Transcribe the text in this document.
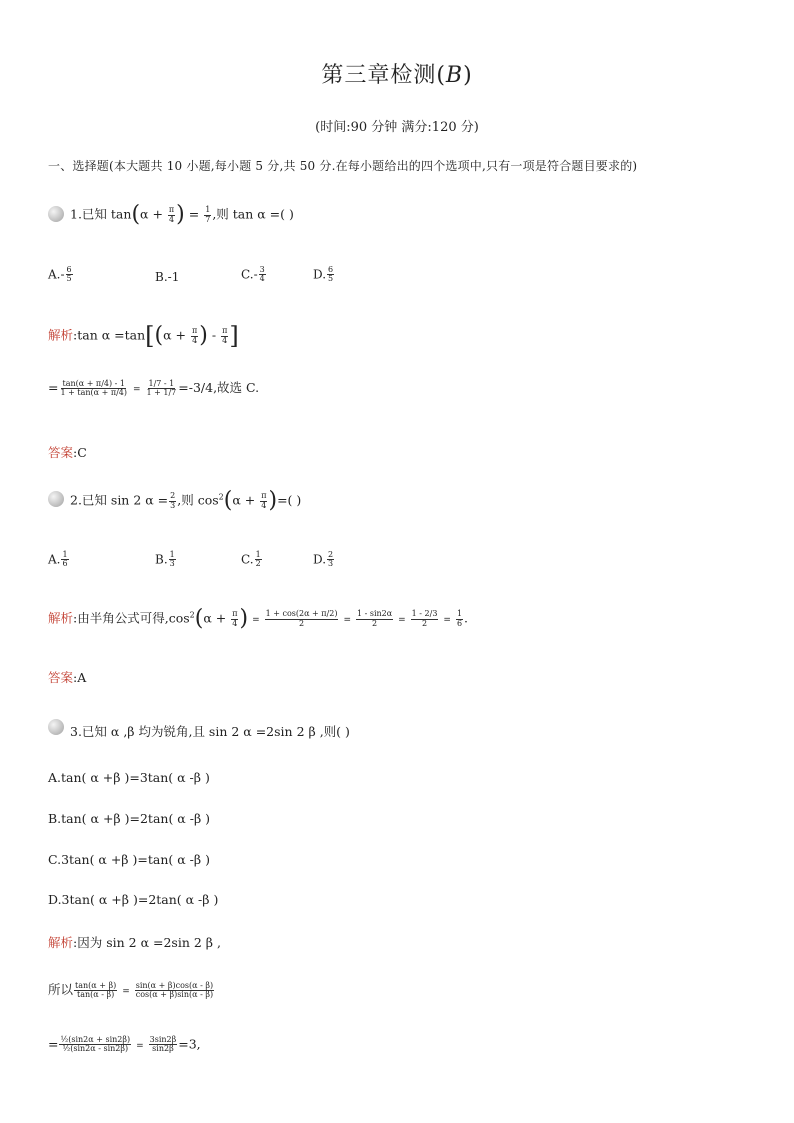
第三章检测(B)
(时间:90 分钟 满分:120 分)
一、选择题(本大题共 10 小题,每小题 5 分,共 50 分.在每小题给出的四个选项中,只有一项是符合题目要求的)
1.已知 $\tan(\alpha + \frac{\pi}{4}$ ) = $\frac{1}{7}$ ,则 tan α =( )
$A.- \frac{6}{5}$	B.-1	$C.- \frac{3}{4}$	D. $\frac{6}{5}$
解析:tan $\alpha =\tan[(\alpha + \frac{\pi}{4}$ ) - $\frac{\pi}{4}$ ]
= $\frac{\tan(\alpha + \pi/4) - 1}{1 + \tan(\alpha + \pi/4)} = \frac{1/7 - 1}{1 + 1/7} =-3/4$,故选 C.
答案:C
2.已知 sin 2 $\alpha = \frac{2}{3}$ ,则 $\cos^2(\alpha + \frac{\pi}{4}$ )=( )
A. $\frac{1}{6}$	B. $\frac{1}{3}$	C. $\frac{1}{2}$	D. $\frac{2}{3}$
解析:由半角公式可得$,\cos^2(\alpha + \frac{\pi}{4}$ ) = $\frac{1 + \cos(2\alpha + \pi/2)}{2} = \frac{1 - \sin 2\alpha}{2} = \frac{1 - 2/3}{2} = \frac{1}{6}$ .
答案:A
3.已知 α ,β 均为锐角,且 sin 2 α =2sin 2 β ,则( )
A.tan( α +β )=3tan( α -β )
B.tan( α +β )=2tan( α -β )
C.3tan( α +β )=tan( α -β )
D.3tan( α +β )=2tan( α -β )
解析:因为 sin 2 α =2sin 2 β ,
所以 $\frac{\tan(\alpha + \beta)}{\tan(\alpha - \beta)} = \frac{\sin(\alpha + \beta)\cos(\alpha - \beta)}{\cos(\alpha + \beta)\sin(\alpha - \beta)}$
= $\frac{\text{½(sin2α + sin2β)}}{\text{½(sin2α - sin2β)}} = \frac{3\sin 2\beta}{\sin 2\beta} =3$,
